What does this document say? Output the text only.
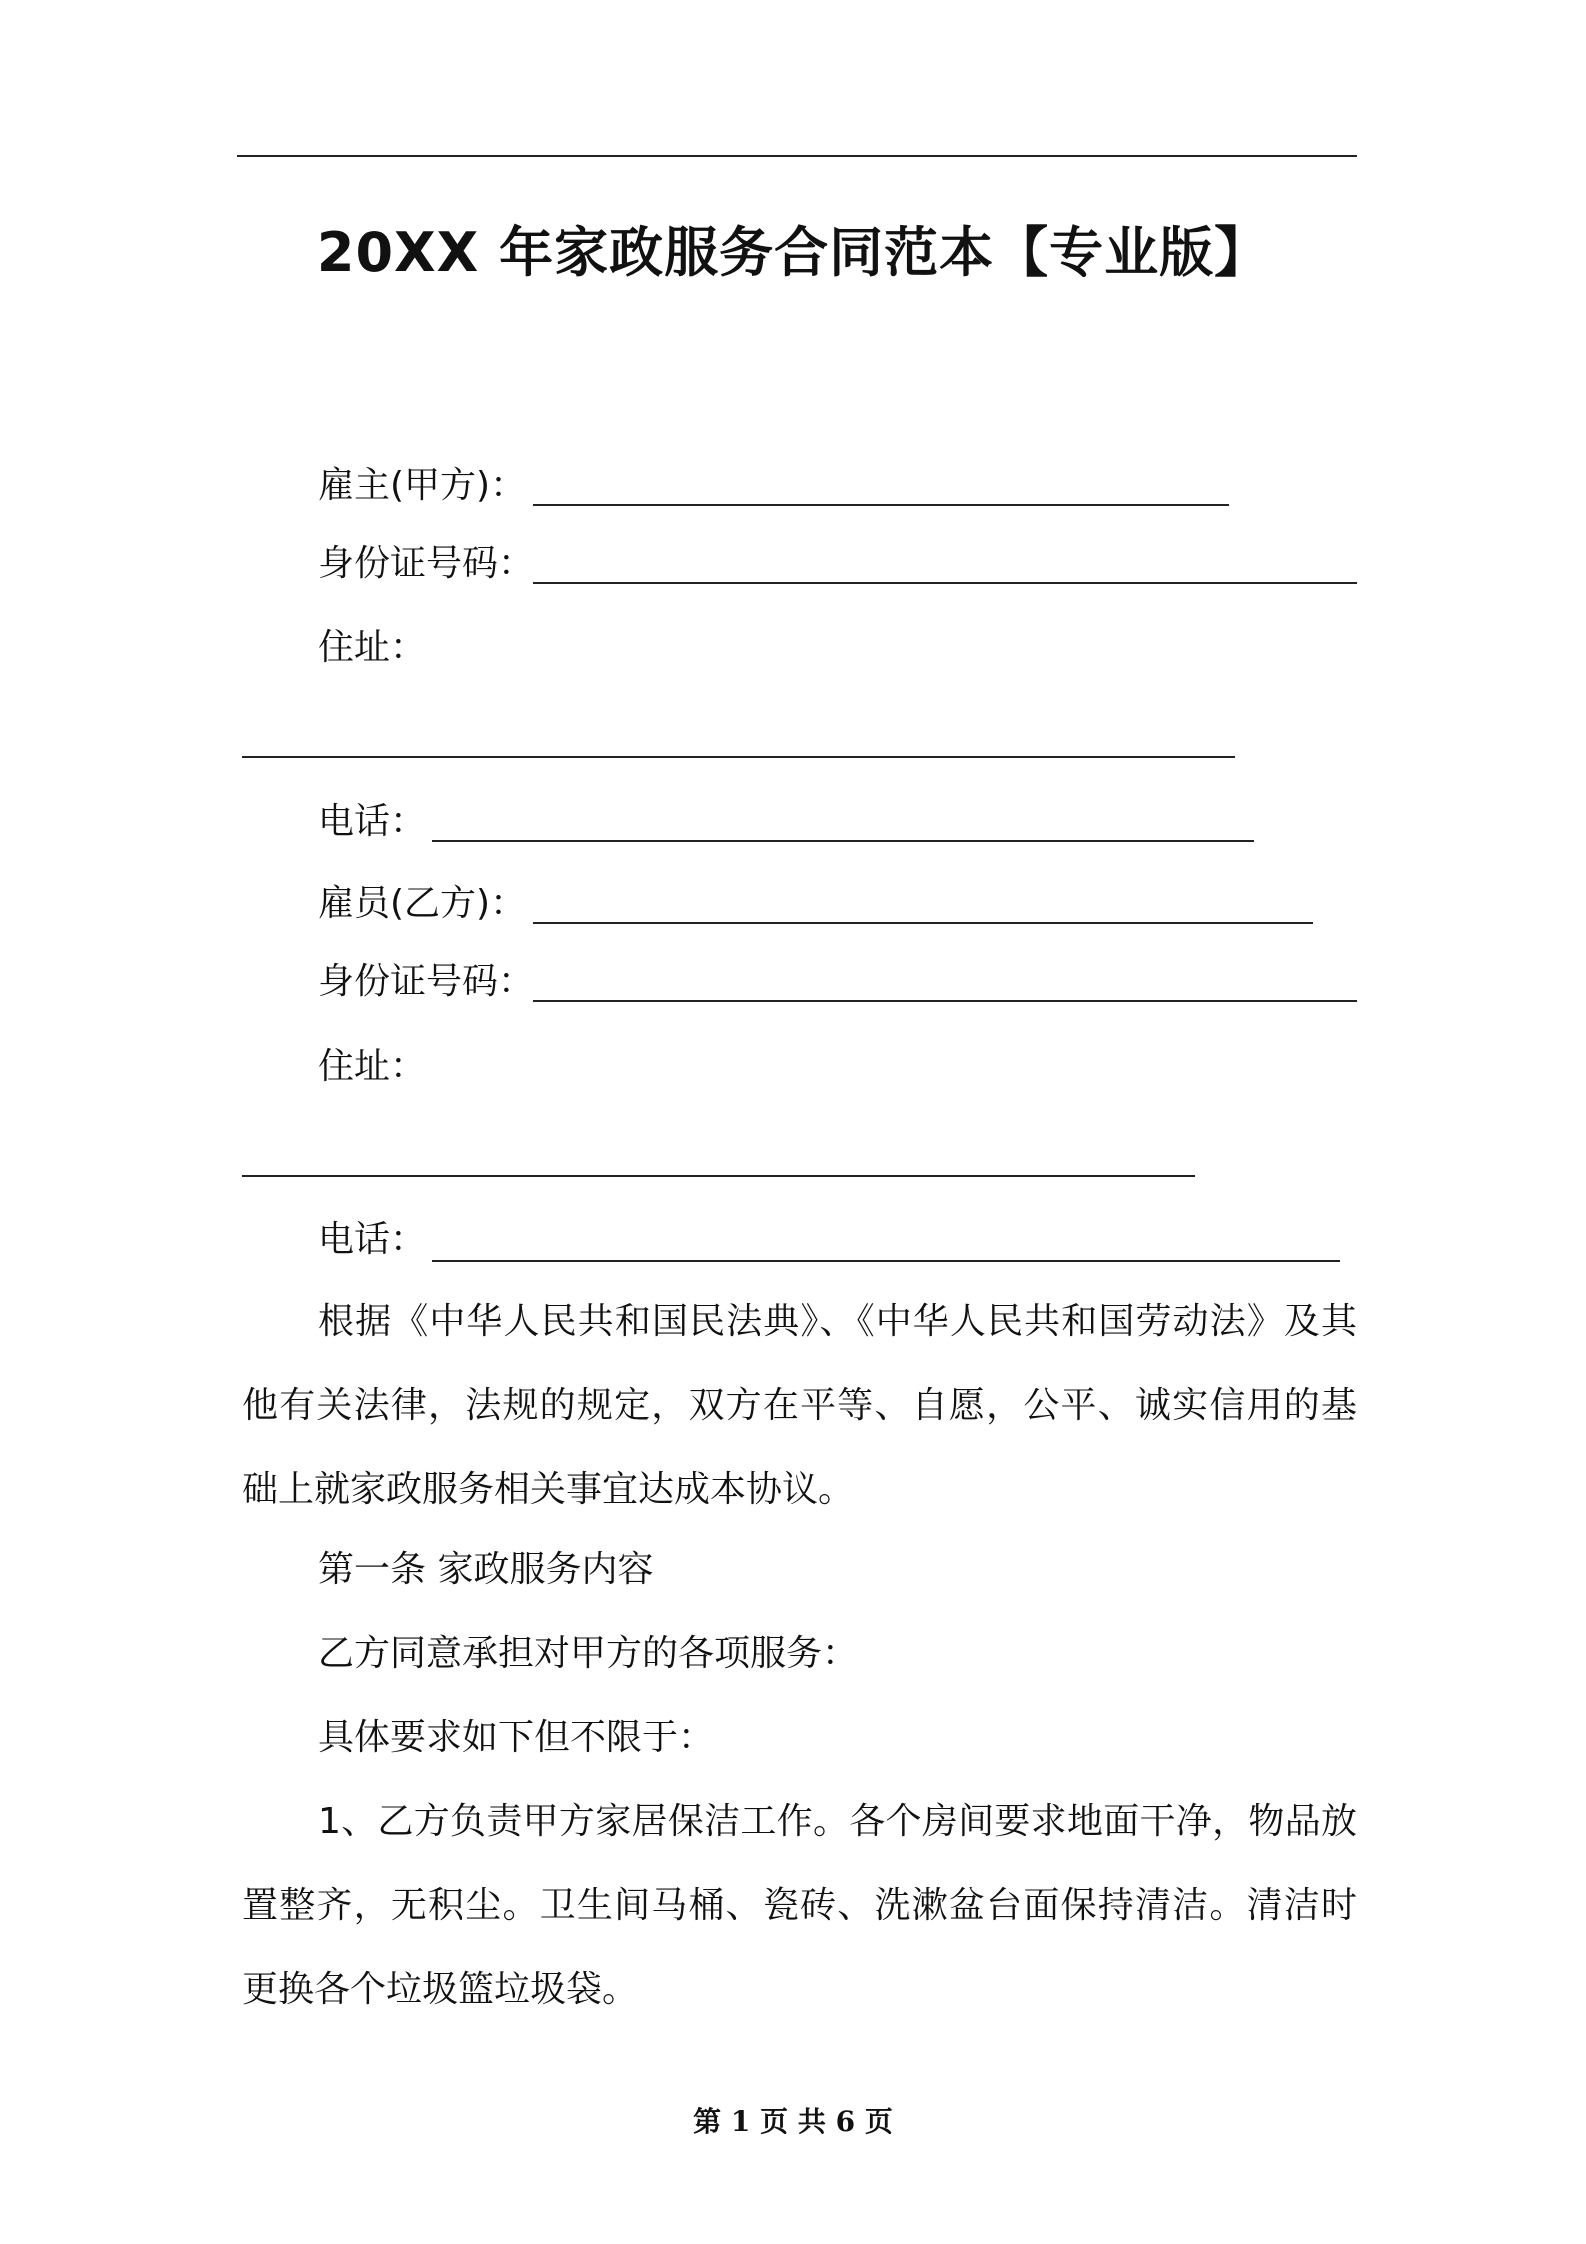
20XX 年家政服务合同范本【专业版】
雇主(甲方)：
身份证号码：
住址：
电话：
雇员(乙方)：
身份证号码：
住址：
电话：
根据《中华人民共和国民法典》、《中华人民共和国劳动法》及其他有关法律，法规的规定，双方在平等、自愿，公平、诚实信用的基础上就家政服务相关事宜达成本协议。
第一条 家政服务内容
乙方同意承担对甲方的各项服务：
具体要求如下但不限于：
1、乙方负责甲方家居保洁工作。各个房间要求地面干净，物品放置整齐，无积尘。卫生间马桶、瓷砖、洗漱盆台面保持清洁。清洁时更换各个垃圾篮垃圾袋。
第 1 页 共 6 页
